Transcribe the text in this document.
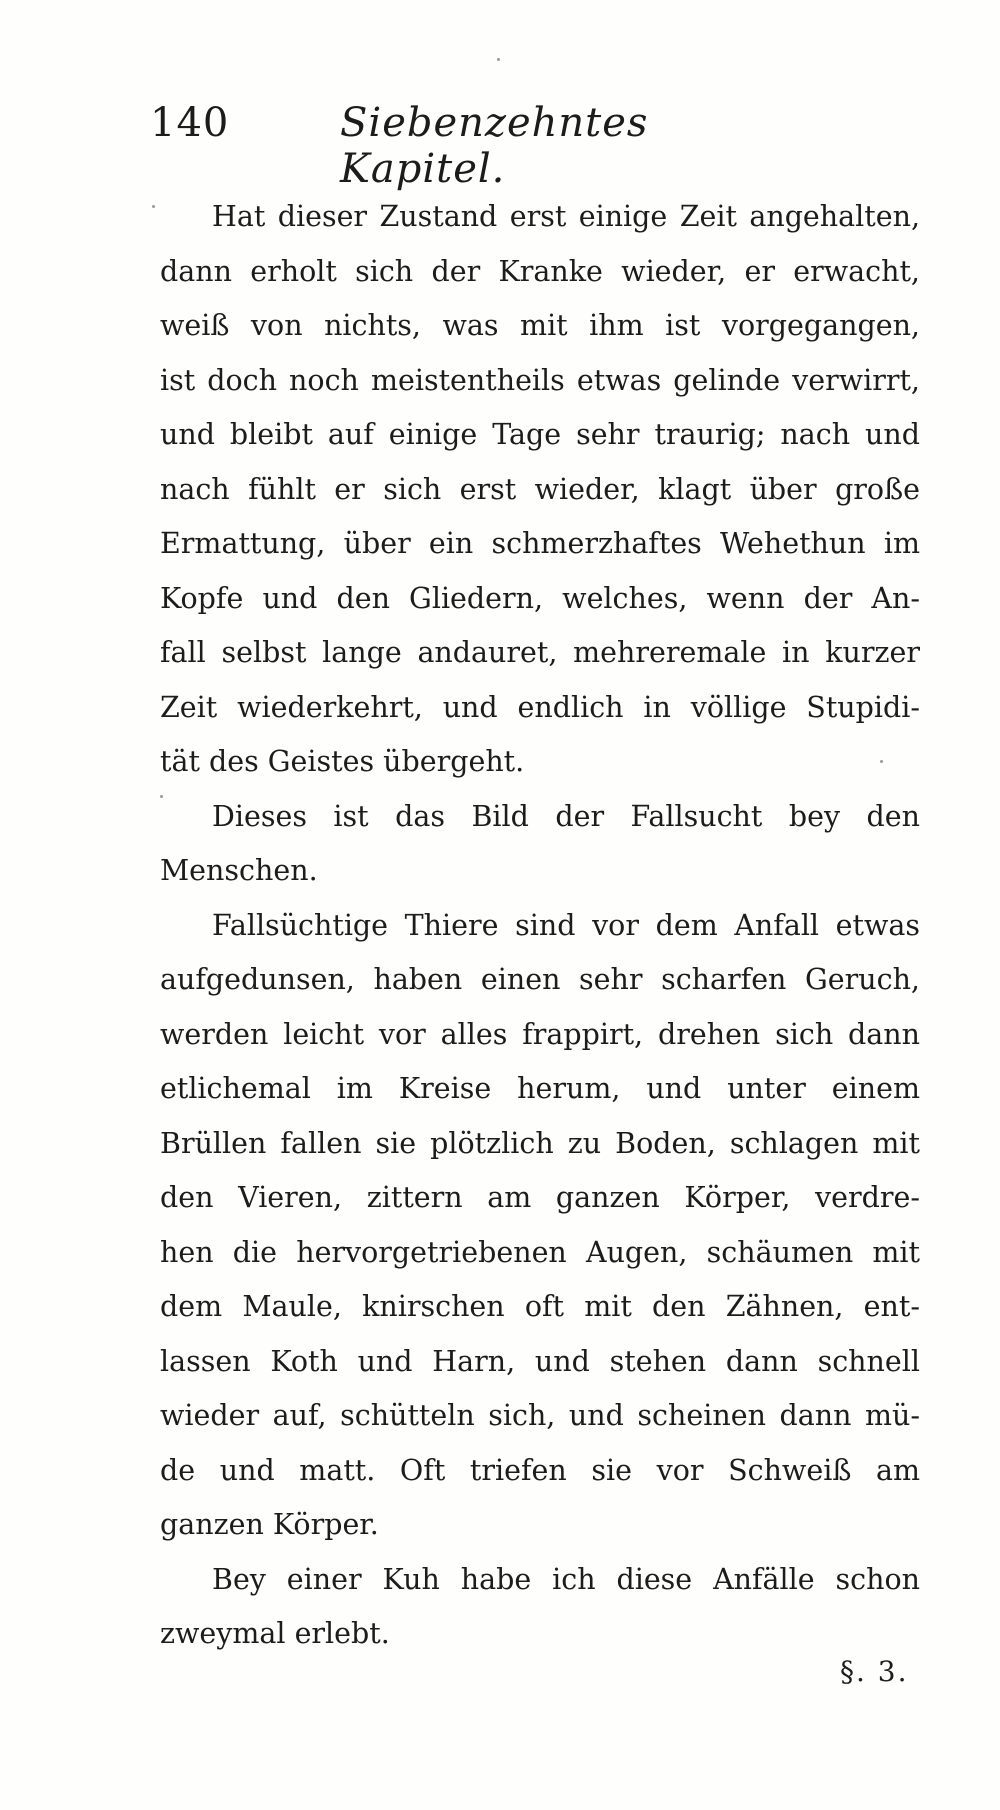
140	Siebenzehntes Kapitel.
Hat dieser Zustand erst einige Zeit angehalten,
dann erholt sich der Kranke wieder, er erwacht,
weiß von nichts, was mit ihm ist vorgegangen,
ist doch noch meistentheils etwas gelinde verwirrt,
und bleibt auf einige Tage sehr traurig; nach und
nach fühlt er sich erst wieder, klagt über große
Ermattung, über ein schmerzhaftes Wehethun im
Kopfe und den Gliedern, welches, wenn der An-
fall selbst lange andauret, mehreremale in kurzer
Zeit wiederkehrt, und endlich in völlige Stupidi-
tät des Geistes übergeht.
Dieses ist das Bild der Fallsucht bey den
Menschen.
Fallsüchtige Thiere sind vor dem Anfall etwas
aufgedunsen, haben einen sehr scharfen Geruch,
werden leicht vor alles frappirt, drehen sich dann
etlichemal im Kreise herum, und unter einem
Brüllen fallen sie plötzlich zu Boden, schlagen mit
den Vieren, zittern am ganzen Körper, verdre-
hen die hervorgetriebenen Augen, schäumen mit
dem Maule, knirschen oft mit den Zähnen, ent-
lassen Koth und Harn, und stehen dann schnell
wieder auf, schütteln sich, und scheinen dann mü-
de und matt. Oft triefen sie vor Schweiß am
ganzen Körper.
Bey einer Kuh habe ich diese Anfälle schon
zweymal erlebt.
§. 3.
